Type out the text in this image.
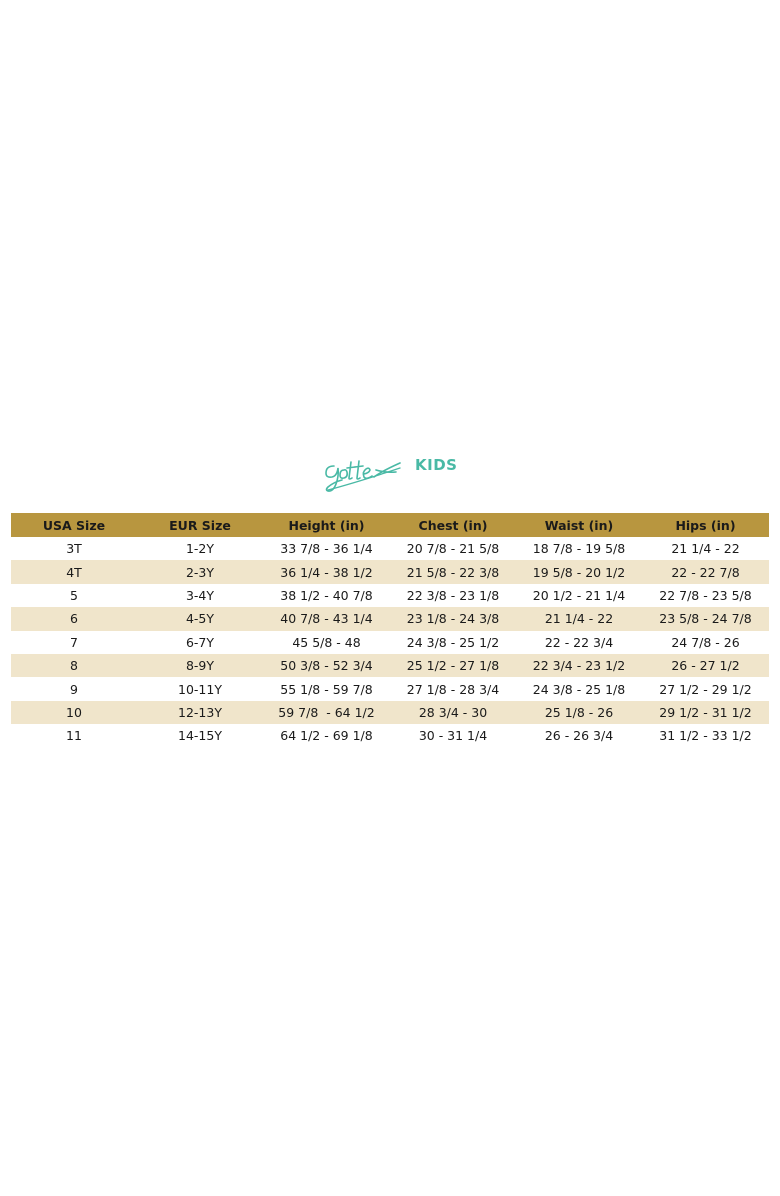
KIDS
USA Size	EUR Size	Height (in)	Chest (in)	Waist (in)	Hips (in)
3T	1-2Y	33 7/8 - 36 1/4	20 7/8 - 21 5/8	18 7/8 - 19 5/8	21 1/4 - 22
4T	2-3Y	36 1/4 - 38 1/2	21 5/8 - 22 3/8	19 5/8 - 20 1/2	22 - 22 7/8
5	3-4Y	38 1/2 - 40 7/8	22 3/8 - 23 1/8	20 1/2 - 21 1/4	22 7/8 - 23 5/8
6	4-5Y	40 7/8 - 43 1/4	23 1/8 - 24 3/8	21 1/4 - 22	23 5/8 - 24 7/8
7	6-7Y	45 5/8 - 48	24 3/8 - 25 1/2	22 - 22 3/4	24 7/8 - 26
8	8-9Y	50 3/8 - 52 3/4	25 1/2 - 27 1/8	22 3/4 - 23 1/2	26 - 27 1/2
9	10-11Y	55 1/8 - 59 7/8	27 1/8 - 28 3/4	24 3/8 - 25 1/8	27 1/2 - 29 1/2
10	12-13Y	59 7/8  - 64 1/2	28 3/4 - 30	25 1/8 - 26	29 1/2 - 31 1/2
11	14-15Y	64 1/2 - 69 1/8	30 - 31 1/4	26 - 26 3/4	31 1/2 - 33 1/2
